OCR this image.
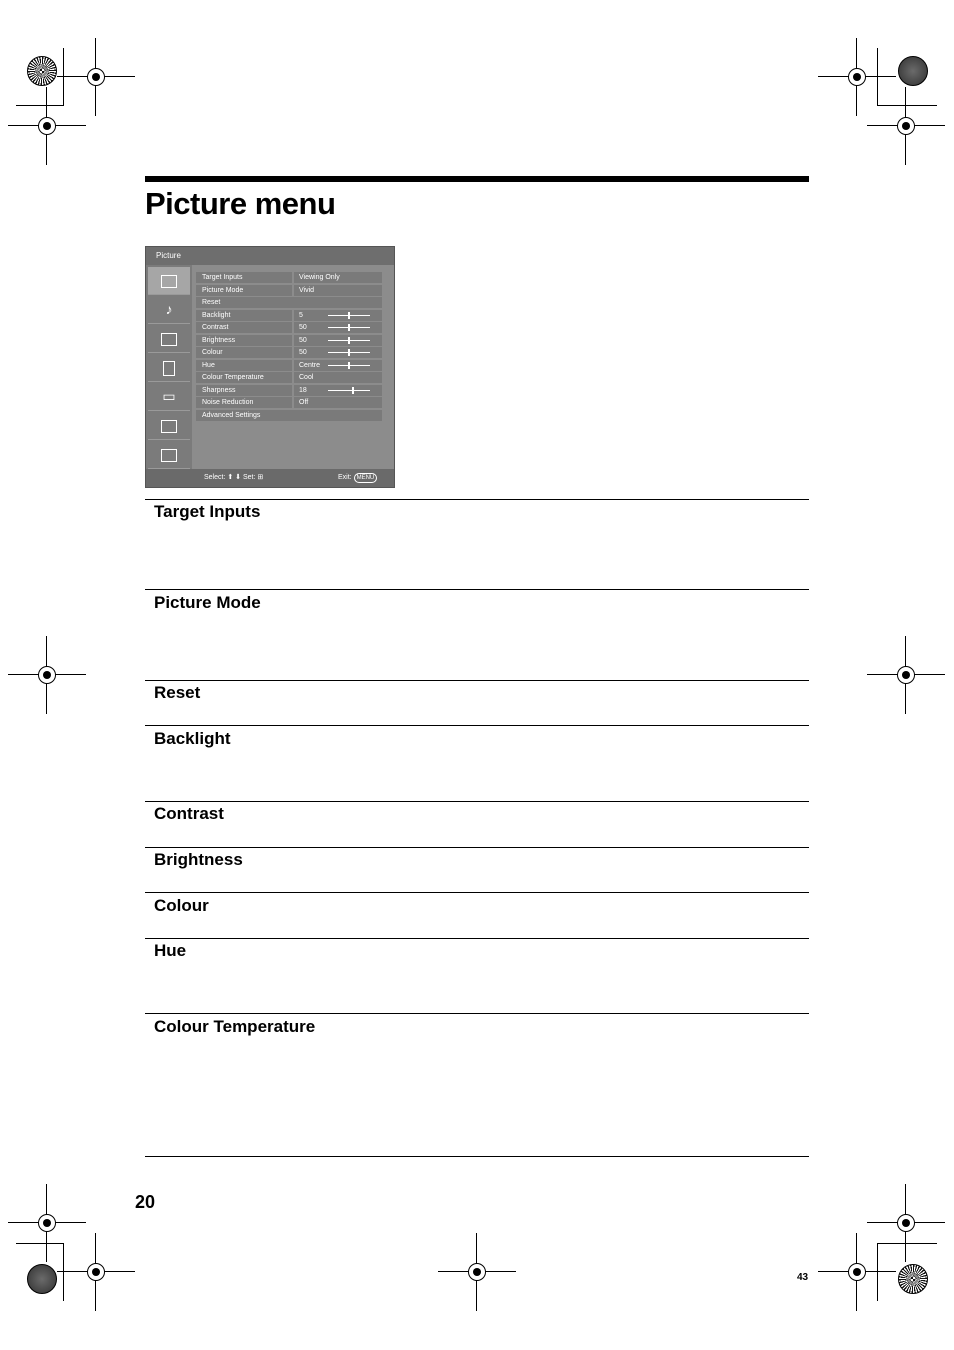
Picture menu
Picture
♪
▭
Target Inputs	Viewing Only
Picture Mode	Vivid
Reset
Backlight	5
Contrast	50
Brightness	50
Colour	50
Hue	Centre
Colour Temperature	Cool
Sharpness	18
Noise Reduction	Off
Advanced Settings
Select: ⬆ ⬇ Set: ⊞	Exit: MENU
Target Inputs
Picture Mode
Reset
Backlight
Contrast
Brightness
Colour
Hue
Colour Temperature
20
43
